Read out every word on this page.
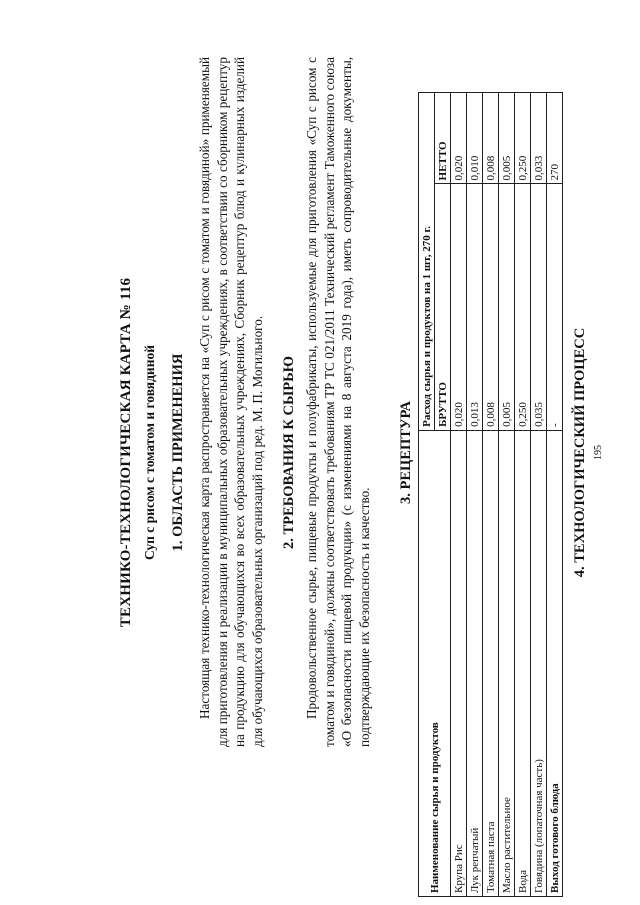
ТЕХНИКО-ТЕХНОЛОГИЧЕСКАЯ КАРТА № 116 Суп с рисом с томатом и говядиной 1. ОБЛАСТЬ ПРИМЕНЕНИЯ Настоящая технико-технологическая карта распространяется на «Суп с рисом с томатом и говядиной» применяемый для приготовления и реализации в муниципальных образовательных учреждениях, в соответствии со сборником рецептур на продукцию для обучающихся во всех образовательных учреждениях, Сборник рецептур блюд и кулинарных изделий для обучающихся образовательных организаций под ред. М. П. Могильного. 2. ТРЕБОВАНИЯ К СЫРЬЮ Продовольственное сырье, пищевые продукты и полуфабрикаты, используемые для приготовления «Суп с рисом с томатом и говядиной», должны соответствовать требованиям ТР ТС 021/2011 Технический регламент Таможенного союза «О безопасности пищевой продукции» (с изменениями на 8 августа 2019 года), иметь сопроводительные документы, подтверждающие их безопасность и качество.

3. РЕЦЕПТУРА
Наименование сырья и продуктов	Расход сырья и продуктов на 1 шт, 270 г.	
	БРУТТО	НЕТТО
Крупа Рис	0,020	0,020
Лук репчатый	0,013	0,010
Томатная паста	0,008	0,008
Масло растительное	0,005	0,005
Вода	0,250	0,250
Говядина (лопаточная часть)	0,035	0,033
Выход готового блюда	-	270
4. ТЕХНОЛОГИЧЕСКИЙ ПРОЦЕСС 195
